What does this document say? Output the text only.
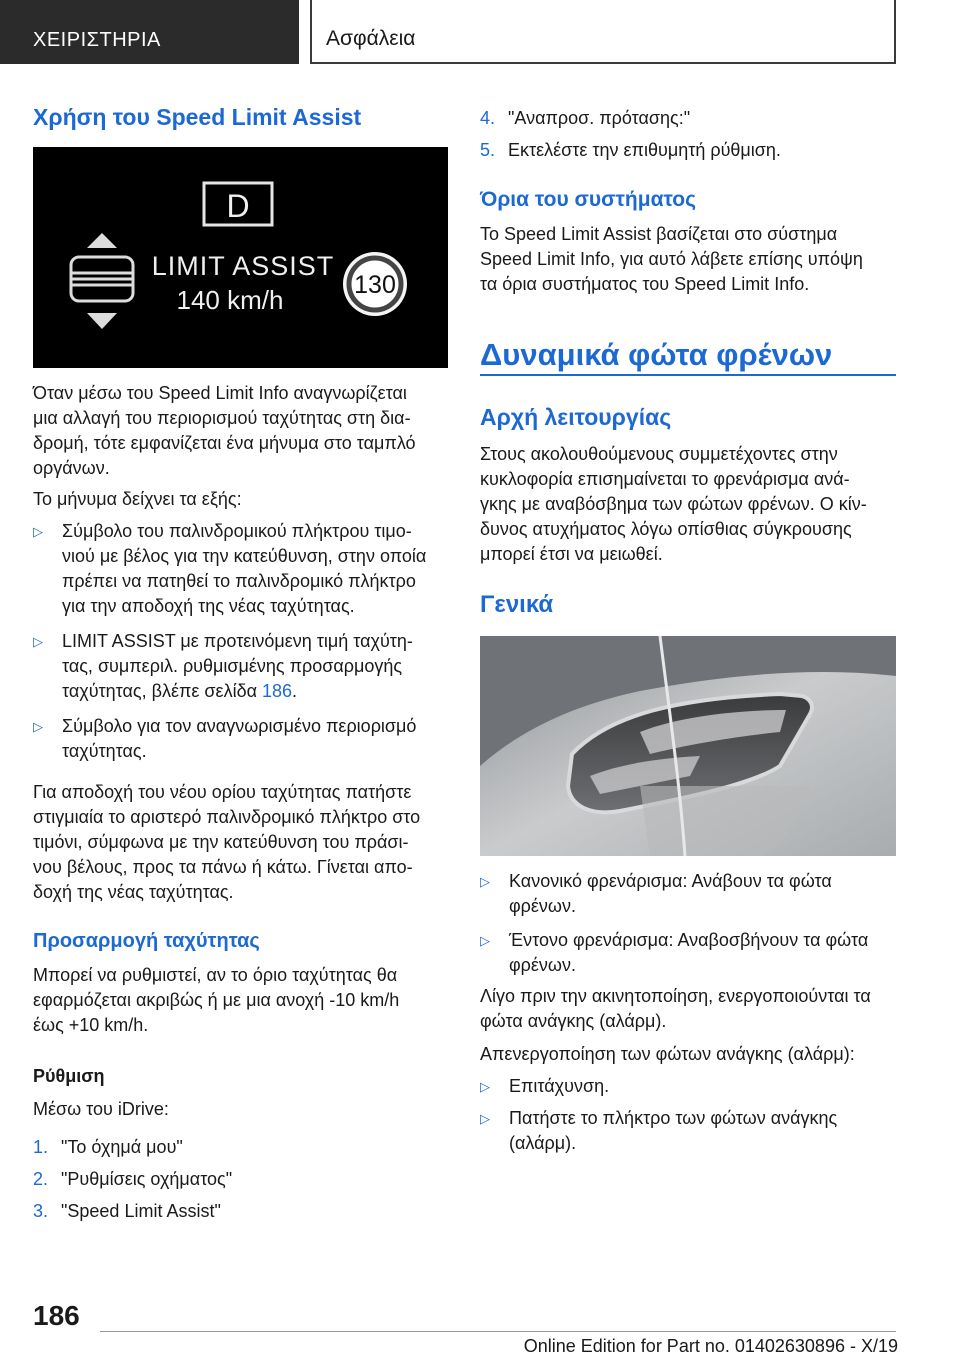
ΧΕΙΡΙΣΤΗΡΙΑ	Ασφάλεια
Χρήση του Speed Limit Assist
D
LIMIT ASSIST
140 km/h	130
Όταν μέσω του Speed Limit Info αναγνωρίζεται
μια αλλαγή του περιορισμού ταχύτητας στη δια‐
δρομή, τότε εμφανίζεται ένα μήνυμα στο ταμπλό
οργάνων.
Το μήνυμα δείχνει τα εξής:
▷ Σύμβολο του παλινδρομικού πλήκτρου τιμο‐
νιού με βέλος για την κατεύθυνση, στην οποία
πρέπει να πατηθεί το παλινδρομικό πλήκτρο
για την αποδοχή της νέας ταχύτητας.
▷ LIMIT ASSIST με προτεινόμενη τιμή ταχύτη‐
τας, συμπεριλ. ρυθμισμένης προσαρμογής
ταχύτητας, βλέπε σελίδα 186.
▷ Σύμβολο για τον αναγνωρισμένο περιορισμό
ταχύτητας.
Για αποδοχή του νέου ορίου ταχύτητας πατήστε
στιγμιαία το αριστερό παλινδρομικό πλήκτρο στο
τιμόνι, σύμφωνα με την κατεύθυνση του πράσι‐
νου βέλους, προς τα πάνω ή κάτω. Γίνεται απο‐
δοχή της νέας ταχύτητας.
Προσαρμογή ταχύτητας
Μπορεί να ρυθμιστεί, αν το όριο ταχύτητας θα
εφαρμόζεται ακριβώς ή με μια ανοχή ‐10 km/h
έως +10 km/h.
Ρύθμιση
Μέσω του iDrive:
1. "Το όχημά μου"
2. "Ρυθμίσεις οχήματος"
3. "Speed Limit Assist"
4. "Αναπροσ. πρότασης:"
5. Εκτελέστε την επιθυμητή ρύθμιση.
Όρια του συστήματος
Το Speed Limit Assist βασίζεται στο σύστημα
Speed Limit Info, για αυτό λάβετε επίσης υπόψη
τα όρια συστήματος του Speed Limit Info.
Δυναμικά φώτα φρένων
Αρχή λειτουργίας
Στους ακολουθούμενους συμμετέχοντες στην
κυκλοφορία επισημαίνεται το φρενάρισμα ανά‐
γκης με αναβόσβημα των φώτων φρένων. Ο κίν‐
δυνος ατυχήματος λόγω οπίσθιας σύγκρουσης
μπορεί έτσι να μειωθεί.
Γενικά
▷ Κανονικό φρενάρισμα: Ανάβουν τα φώτα
φρένων.
▷ Έντονο φρενάρισμα: Αναβοσβήνουν τα φώτα
φρένων.
Λίγο πριν την ακινητοποίηση, ενεργοποιούνται τα
φώτα ανάγκης (αλάρμ).
Απενεργοποίηση των φώτων ανάγκης (αλάρμ):
▷ Επιτάχυνση.
▷ Πατήστε το πλήκτρο των φώτων ανάγκης
(αλάρμ).
186
Online Edition for Part no. 01402630896 ‐ X/19
